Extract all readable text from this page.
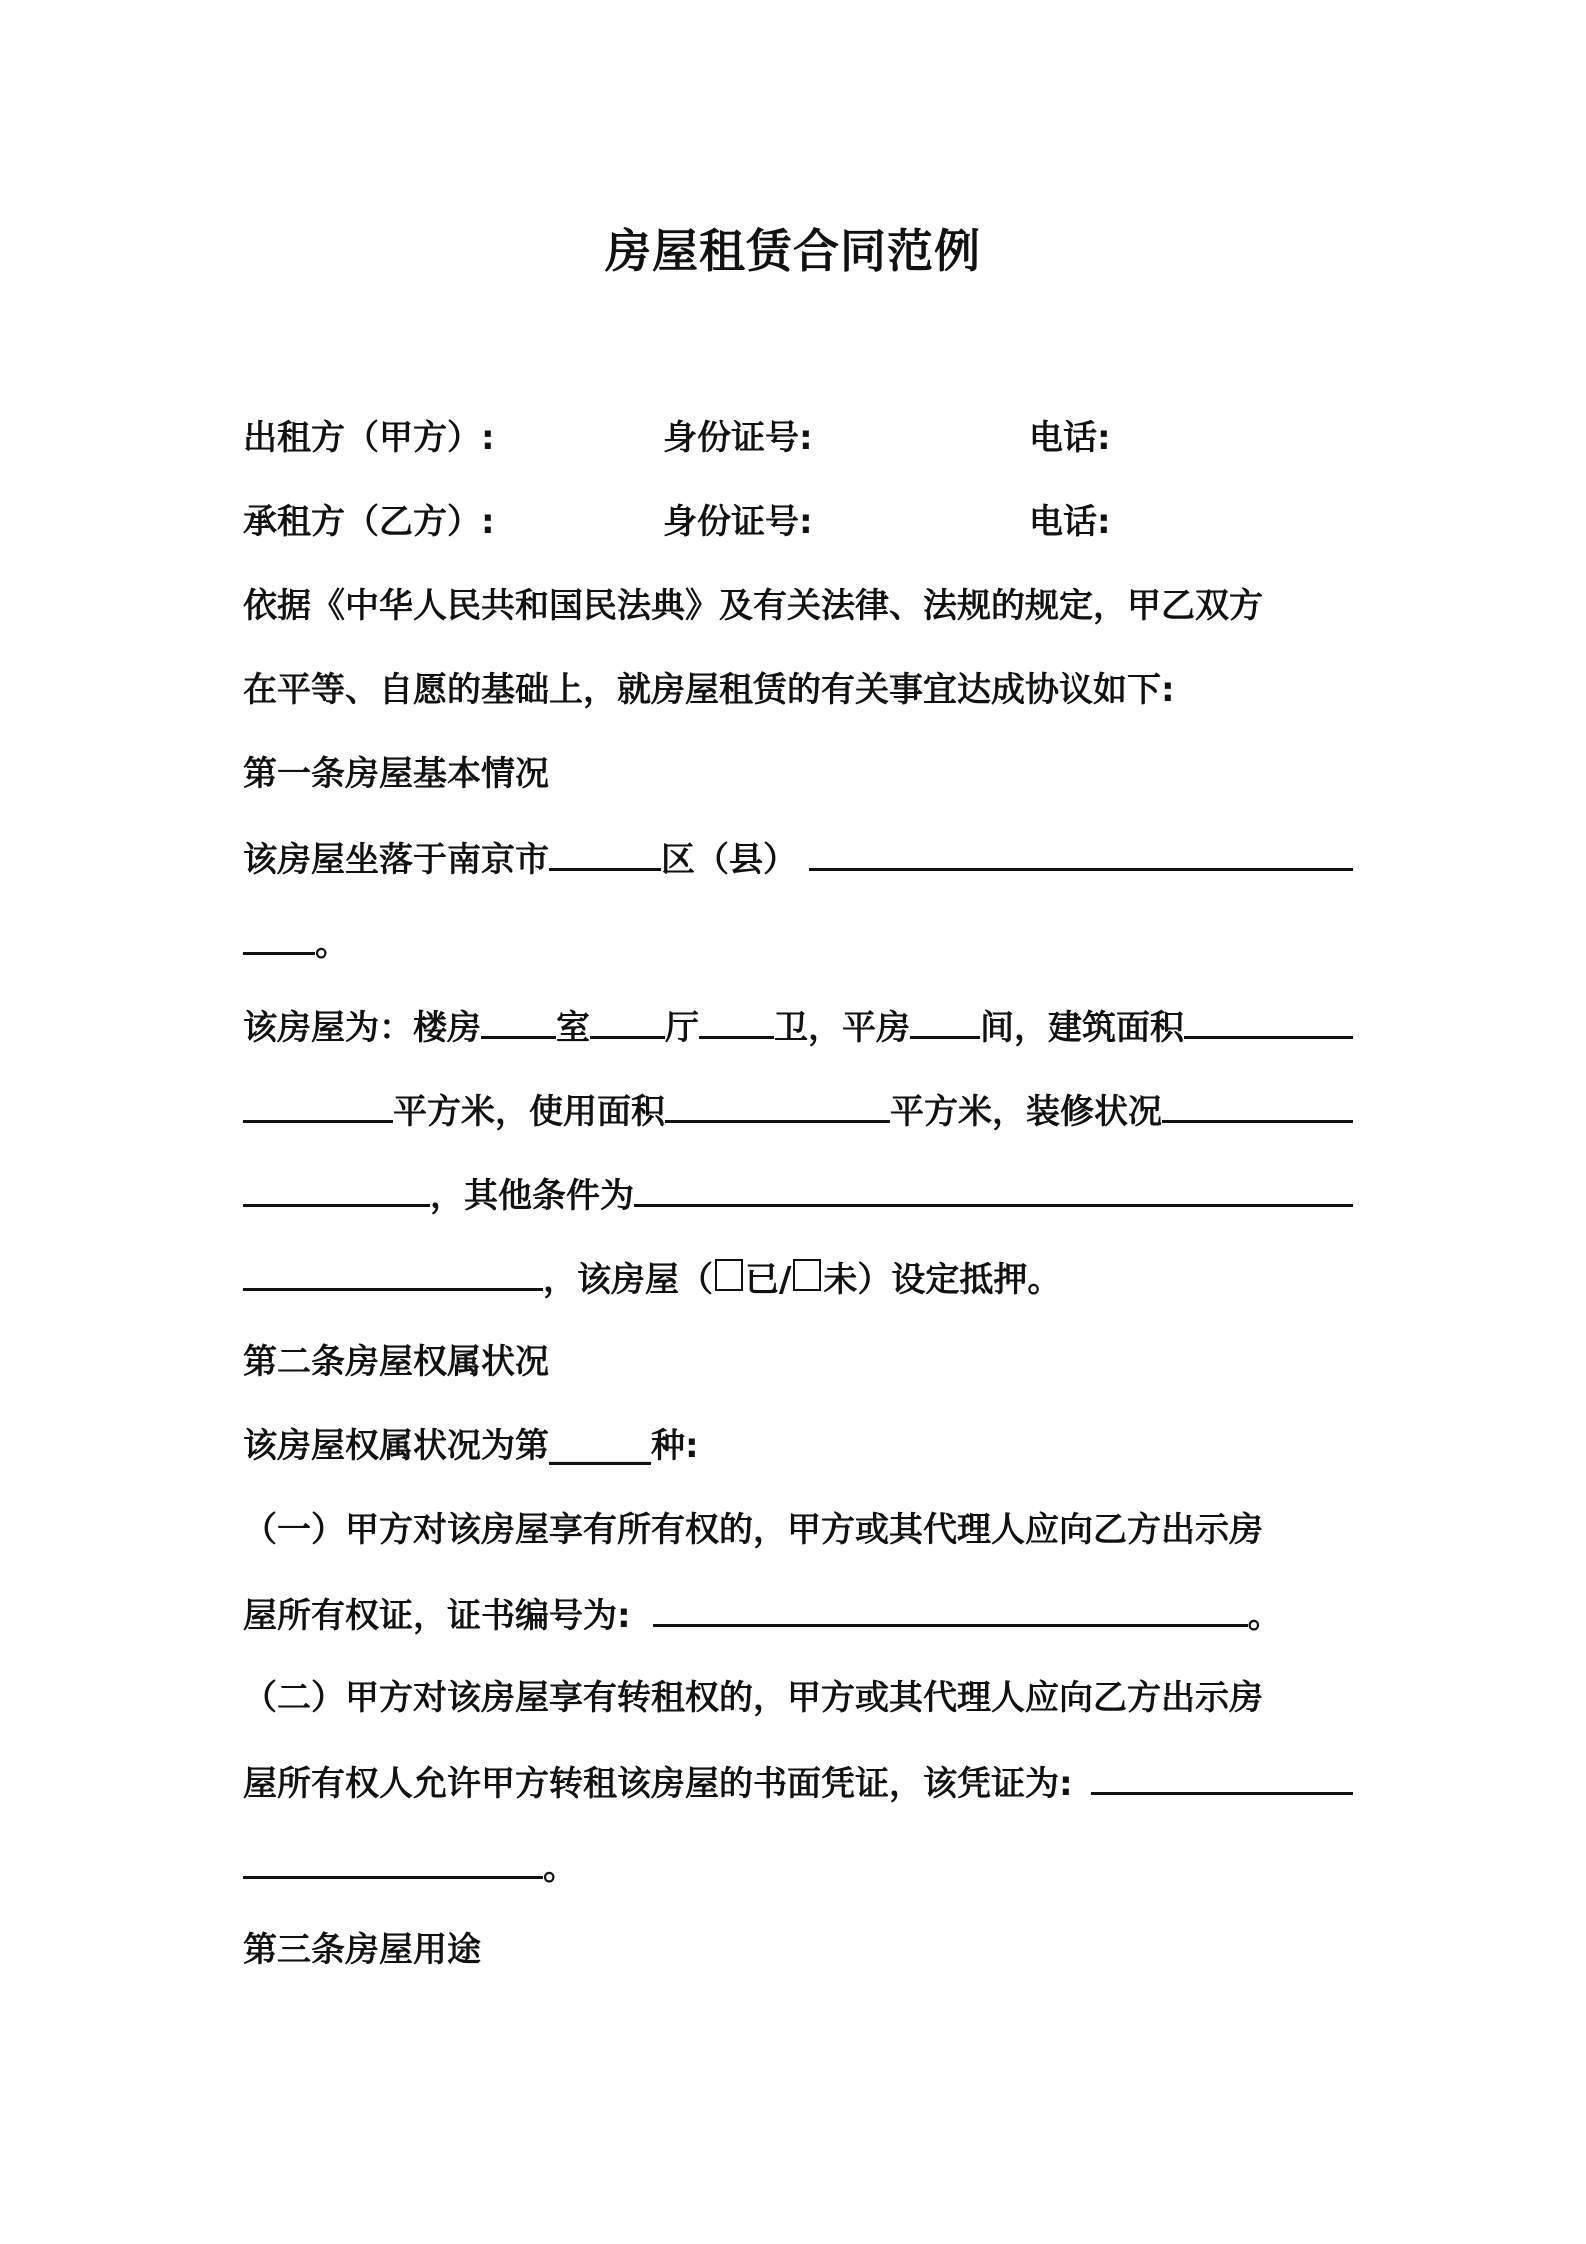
房屋租赁合同范例
出租方（甲方）:	身份证号:	电话:
承租方（乙方）:	身份证号:	电话:
依据《中华人民共和国民法典》及有关法律、法规的规定，甲乙双方
在平等、自愿的基础上，就房屋租赁的有关事宜达成协议如下:
第一条房屋基本情况
该房屋坐落于南京市	区（县）
。
该房屋为：楼房 室 厅 卫，平房 间，建筑面积
平方米，使用面积	平方米，装修状况
，其他条件为
，该房屋（ 已/ 未）设定抵押。
第二条房屋权属状况
该房屋权属状况为第______种:
（一）甲方对该房屋享有所有权的，甲方或其代理人应向乙方出示房
屋所有权证，证书编号为:	。
（二）甲方对该房屋享有转租权的，甲方或其代理人应向乙方出示房
屋所有权人允许甲方转租该房屋的书面凭证，该凭证为:
。
第三条房屋用途
